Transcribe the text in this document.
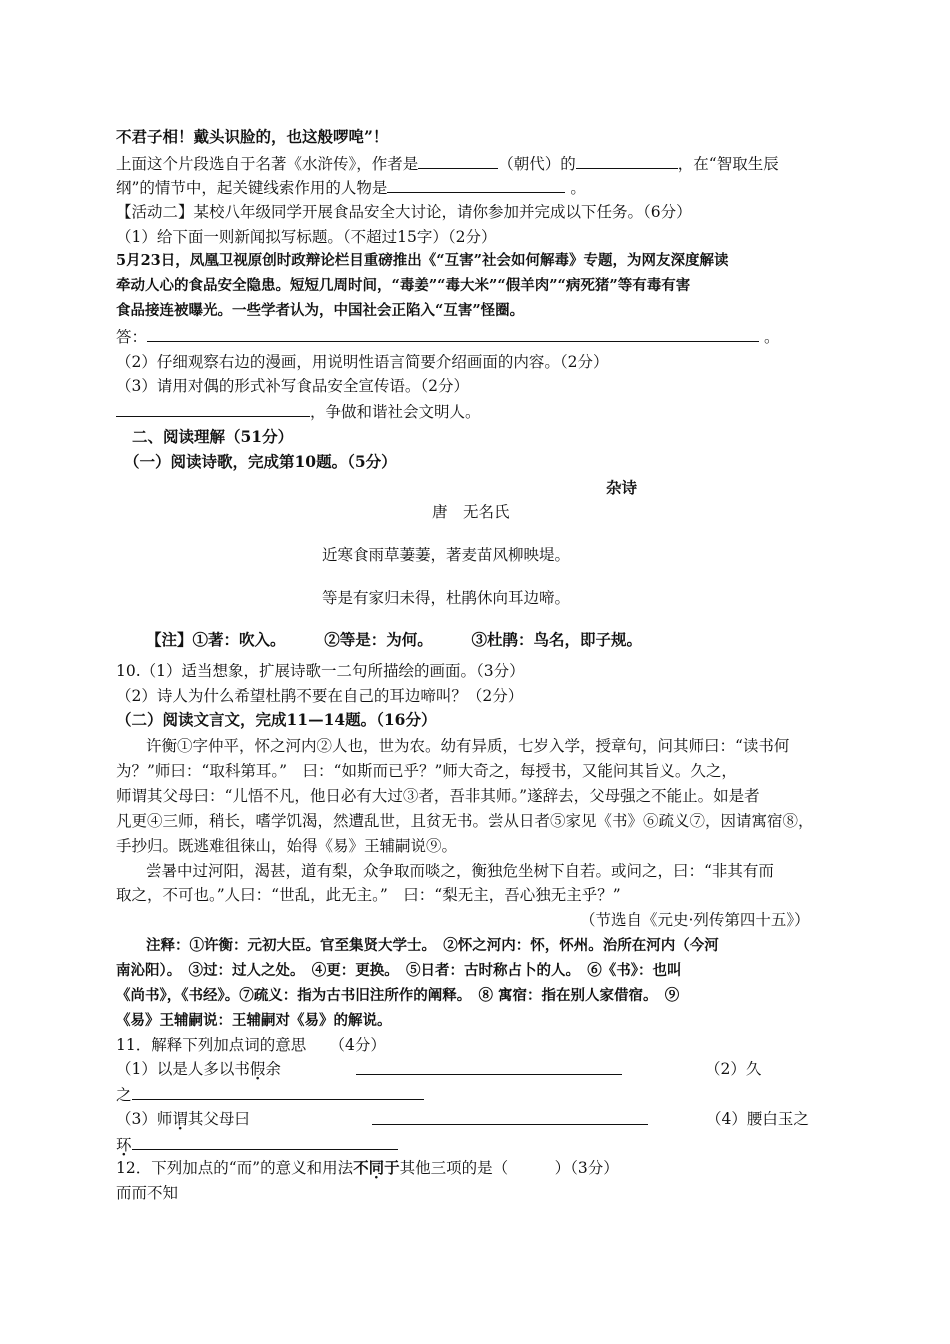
不君子相！戴头识脸的，也这般啰唣”！
上面这个片段选自于名著《水浒传》，作者是	（朝代）的	，在“智取生辰
纲”的情节中，起关键线索作用的人物是	。
【活动二】某校八年级同学开展食品安全大讨论，请你参加并完成以下任务。（6分）
（1）给下面一则新闻拟写标题。（不超过15字）（2分）
5月23日，凤凰卫视原创时政辩论栏目重磅推出《“互害”社会如何解毒》专题，为网友深度解读
牵动人心的食品安全隐患。短短几周时间，“毒姜”“毒大米”“假羊肉”“病死猪”等有毒有害
食品接连被曝光。一些学者认为，中国社会正陷入“互害”怪圈。
答：	。
（2）仔细观察右边的漫画，用说明性语言简要介绍画面的内容。（2分）
（3）请用对偶的形式补写食品安全宣传语。（2分）
，争做和谐社会文明人。
二、阅读理解（51分）
（一）阅读诗歌，完成第10题。（5分）
杂诗
唐　无名氏
近寒食雨草萋萋，著麦苗风柳映堤。
等是有家归未得，杜鹃休向耳边啼。
【注】①著：吹入。　　　②等是：为何。　　　③杜鹃：鸟名，即子规。
10.（1）适当想象，扩展诗歌一二句所描绘的画面。（3分）
（2）诗人为什么希望杜鹃不要在自己的耳边啼叫？（2分）
（二）阅读文言文，完成11—14题。（16分）
许衡①字仲平，怀之河内②人也，世为农。幼有异质，七岁入学，授章句，问其师曰：“读书何
为？”师曰：“取科第耳。”　曰：“如斯而已乎？”师大奇之，每授书，又能问其旨义。久之，
师谓其父母曰：“儿悟不凡，他日必有大过③者，吾非其师。”遂辞去，父母强之不能止。如是者
凡更④三师，稍长，嗜学饥渴，然遭乱世，且贫无书。尝从日者⑤家见《书》⑥疏义⑦，因请寓宿⑧，
手抄归。既逃难徂徕山，始得《易》王辅嗣说⑨。
尝暑中过河阳，渴甚，道有梨，众争取而啖之，衡独危坐树下自若。或问之，曰：“非其有而
取之，不可也。”人曰：“世乱，此无主。”　曰：“梨无主，吾心独无主乎？”
（节选自《元史·列传第四十五》）
注释：①许衡：元初大臣。官至集贤大学士。　②怀之河内：怀，怀州。治所在河内（今河
南沁阳）。　③过：过人之处。　④更：更换。　⑤日者：古时称占卜的人。　⑥《书》：也叫
《尚书》，《书经》。⑦疏义：指为古书旧注所作的阐释。　⑧ 寓宿：指在别人家借宿。　⑨
《易》王辅嗣说：王辅嗣对《易》的解说。
11．解释下列加点词的意思　　（4分）
（1）以是人多以书假余	（2）久
之
（3）师谓其父母曰	（4）腰白玉之
环
12．下列加点的“而”的意义和用法不同于其他三项的是（　　　）（3分）
而而不知
